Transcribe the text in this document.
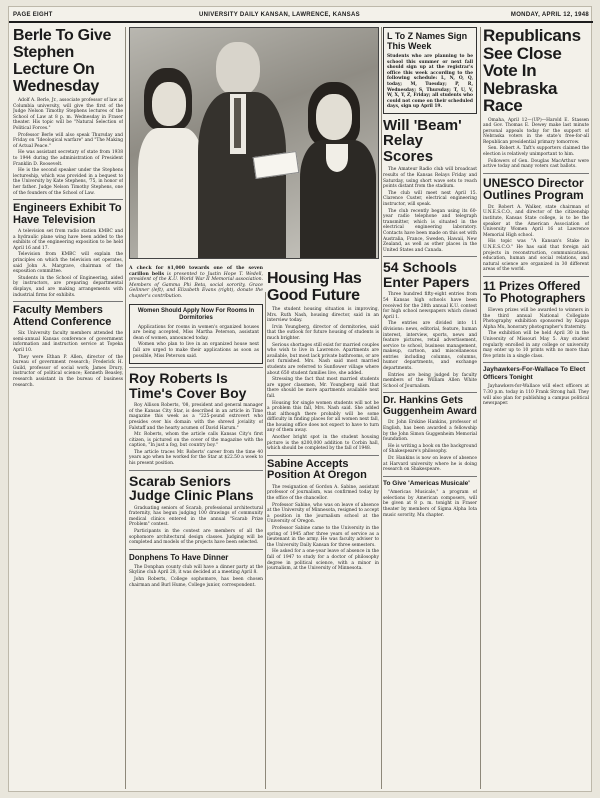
PAGE EIGHT	UNIVERSITY DAILY KANSAN, LAWRENCE, KANSAS	MONDAY, APRIL 12, 1948
Berle To Give Stephen Lecture On Wednesday

Adolf A. Berle, Jr., associate professor of law at Columbia university, will give the first of the Judge Nelson Timothy Stephens lectures of the School of Law at 8 p. m. Wednesday in Fraser theater. His topic will be "Natural Selection of Political Forces."

Professor Berle will also speak Thursday and Friday on "Ideological warfare" and "The Making of Actual Peace."

He was assistant secretary of state from 1938 to 1944 during the administration of President Franklin D. Roosevelt.

He is the second speaker under the Stephens lectureship, which was provided in a bequest to the University by Kate Stephens, '75, in honor of her father. Judge Nelson Timothy Stephens, one of the founders of the School of Law.

Engineers Exhibit To Have Television

A television set from radio station KMBC and a hydraulic plane wing have been added to the exhibits of the engineering exposition to be held April 16 and 17.

Television from KMBC will explain the principles on which the television set operates, said John A. Margrave, chairman of the exposition committee.

Students in the School of Engineering, aided by instructors, are preparing departmental displays, and are making arrangements with industrial firms for exhibits.

Faculty Members Attend Conference

Six University faculty members attended the semi-annual Kansas conference of government information and instruction service at Topeka April 10.

They were Ethan P. Allen, director of the bureau of government research; Frederick H. Guild, professor of social work; James Drury, instructor of political science; Kenneth Beasley, research assistant in the bureau of business research.

A check for $1,000 towards one of the seven carillon bells is presented to Justin Hope T. Wedell, president of the K.U. World War II Memorial association. Members of Gamma Phi Beta, social sorority, Grace Gelinner (left), and Elizabeth Evans (right), donate the chapter's contribution.
Women Should Apply Now For Rooms In Dormitories

Applications for rooms in women's organized houses are being accepted, Miss Martha Peterson, assistant dean of women, announced today.

Women who plan to live in an organized house next fall are urged to make their applications as soon as possible, Miss Peterson said.

Roy Roberts Is Time's Cover Boy

Roy Allison Roberts, '08, president and general manager of the Kansas City Star, is described in an article in Time magazine this week as a "225-pound extrovert who presides over his domain with the shrewd joviality of Falstaff and the hearty acumen of David Harum."

Mr. Roberts, whom the article calls Kansas City's first citizen, is pictured on the cover of the magazine with the caption, "In just a fog, but country boy."

The article traces Mr. Roberts' career from the time 40 years ago when he worked for the Star at $22.50 a week to his present position.

Scarab Seniors Judge Clinic Plans

Graduating seniors of Scarab, professional architectural fraternity, has begun judging 100 drawings of community medical clinics entered in the annual "Scarab Prize Problem" contest.

Participants in the contest are members of all the sophomore architectural design classes. Judging will be completed and models of the projects have been selected.

Donphens To Have Dinner

The Donphan county club will have a dinner party at the Skyline club April 28, it was decided at a meeting April 8.

John Roberts, College sophomore, has been chosen chairman and Burl Hume, College junior, correspondent.

Housing Has Good Future

The student housing situation is improving, Mrs. Ruth Nash, housing director, said in an interview today.

Irvin Youngberg, director of dormitories, said that the outlook for future housing of students is much brighter.

Serious shortages still exist for married couples who wish to live in Lawrence. Apartments are available, but most lack private bathrooms, or are not furnished. Mrs. Nash said most married students are referred to Sunflower village where about 650 student families live, she added.

Stressing the fact that most married students are upper classmen, Mr. Youngberg said that there should be more apartments available next fall.

Housing for single women students will not be a problem this fall, Mrs. Nash said. She added that although there probably will be some difficulty in finding places for all women next fall, the housing office does not expect to have to turn any of them away.

Another bright spot in the student housing picture is the $200,000 addition to Corbin hall, which should be completed by the fall of 1948.

Sabine Accepts Position At Oregon

The resignation of Gordon A. Sabine, assistant professor of journalism, was confirmed today by the office of the chancellor.

Professor Sabine, who was on leave of absence at the University of Minnesota, resigned to accept a position in the journalism school at the University of Oregon.

Professor Sabine came to the University in the spring of 1945 after three years of service as a lieutenant in the army. He was faculty adviser to the University Daily Kansan for three semesters.

He asked for a one-year leave of absence in the fall of 1947 to study for a doctor of philosophy degree in political science, with a minor in journalism, at the University of Minnesota.

L To Z Names Sign This Week
Students who are planning to be school this summer or next fall should sign up at the registrar's office this week according to the following schedule: L, N, O, Q, today; M, Tuesday; P, R, Wednesday; S, Thursday; T, U, V, W, X, Y, Z, Friday; all students who could not come on their scheduled days, sign up April 19.
Will 'Beam' Relay Scores

The Amateur Radio club will broadcast results of the Kansas Relays Friday and Saturday, using short wave sets to reach points distant from the stadium.

The club will meet next April 15. Clarence Custer, electrical engineering instructor, will speak.

The club recently began using its 60-year radio telephone and telegraph transmitter, which is situated in the electrical engineering laboratory. Contacts have been made on this set with Australia, France, Sweden, Hawaii, New Zealand, as well as other places in the United States and Canada.

54 Schools Enter Papers

Three hundred fifty-eight entries from 54 Kansas high schools have been received for the 28th annual K.U. contest for high school newspapers which closed April 1.

The entries are divided into 11 divisions: news, editorial, feature, human interest, interview, sports, news and feature pictures, retail advertisement, service to school, business management, makeup, cartoon, and miscellaneous entries including columns, columns, humor departments, and exchange departments.

Entries are being judged by faculty members of the William Allen White School of Journalism.

Dr. Hankins Gets Guggenheim Award

Dr. John Erskine Hankins, professor of English, has been awarded a fellowship by the John Simon Guggenheim Memorial foundation.

He is writing a book on the background of Shakespeare's philosophy.

Dr. Hankins is now on leave of absence at Harvard university where he is doing research on Shakespeare.

To Give 'Americas Musicale'

"Americas Musicale," a program of selections by American composers, will be given at 8 p. m. tonight in Fraser theater by members of Sigma Alpha Iota music sorority, Mu chapter.

Republicans See Close Vote In Nebraska Race

Omaha, April 12—(UP)—Harold E. Stassen and Gov. Thomas E. Dewey make last minute personal appeals today for the support of Nebraska voters in the state's free-for-all Republican presidential primary tomorrow.

Sen. Robert A. Taft's supporters claimed the election is relatively unimportant to him.

Followers of Gen. Douglas MacArthur were active today and many voters cast ballots.

UNESCO Director Outlines Program

Dr. Robert A. Walker, state chairman of U.N.E.S.C.O., and director of the citizenship institute, Kansas State college, is to be the speaker at the American Association of University Women April 16 at Lawrence Memorial High school.

His topic was "A Kansan's Stake in U.N.E.S.C.O." He has said that foreign aid projects in reconstruction, communications, education, human and social relations, and natural science are organized in 30 different areas of the world.

11 Prizes Offered To Photographers

Eleven prizes will be awarded to winners in the third annual National Collegiate Photography exhibition sponsored by Kappa Alpha Mu, honorary photographer's fraternity.

The exhibition will be held April 30 in the University of Missouri May 5. Any student regularly enrolled in any college or university may enter up to 10 prints with no more than five prints in a single class.

Jayhawkers-For-Wallace To Elect Officers Tonight

Jayhawkers-for-Wallace will elect officers at 7:30 p.m. today in 110 Frank Strong hall. They will also plan for publishing a campus political newspaper.
